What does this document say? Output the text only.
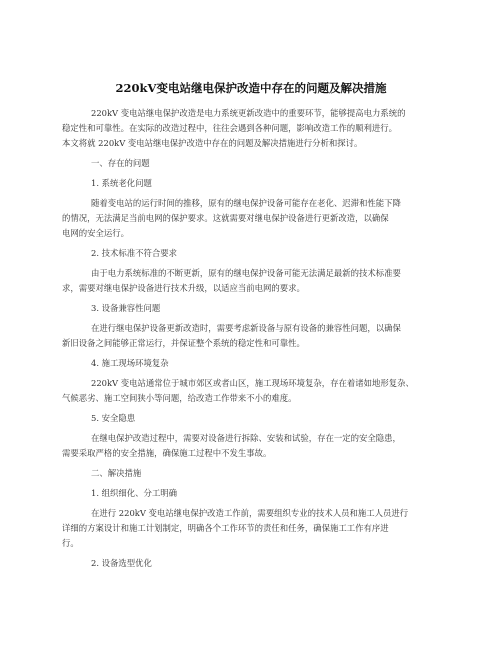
220kV变电站继电保护改造中存在的问题及解决措施
220kV 变电站继电保护改造是电力系统更新改造中的重要环节，能够提高电力系统的
稳定性和可靠性。在实际的改造过程中，往往会遇到各种问题，影响改造工作的顺利进行。
本文将就 220kV 变电站继电保护改造中存在的问题及解决措施进行分析和探讨。
一、存在的问题
1. 系统老化问题
随着变电站的运行时间的推移，原有的继电保护设备可能存在老化、迟滞和性能下降
的情况，无法满足当前电网的保护要求。这就需要对继电保护设备进行更新改造，以确保
电网的安全运行。
2. 技术标准不符合要求
由于电力系统标准的不断更新，原有的继电保护设备可能无法满足最新的技术标准要
求，需要对继电保护设备进行技术升级，以适应当前电网的要求。
3. 设备兼容性问题
在进行继电保护设备更新改造时，需要考虑新设备与原有设备的兼容性问题，以确保
新旧设备之间能够正常运行，并保证整个系统的稳定性和可靠性。
4. 施工现场环境复杂
220kV 变电站通常位于城市郊区或者山区，施工现场环境复杂，存在着诸如地形复杂、
气候恶劣、施工空间狭小等问题，给改造工作带来不小的难度。
5. 安全隐患
在继电保护改造过程中，需要对设备进行拆除、安装和试验，存在一定的安全隐患，
需要采取严格的安全措施，确保施工过程中不发生事故。
二、解决措施
1. 组织细化、分工明确
在进行 220kV 变电站继电保护改造工作前，需要组织专业的技术人员和施工人员进行
详细的方案设计和施工计划制定，明确各个工作环节的责任和任务，确保施工工作有序进
行。
2. 设备选型优化
